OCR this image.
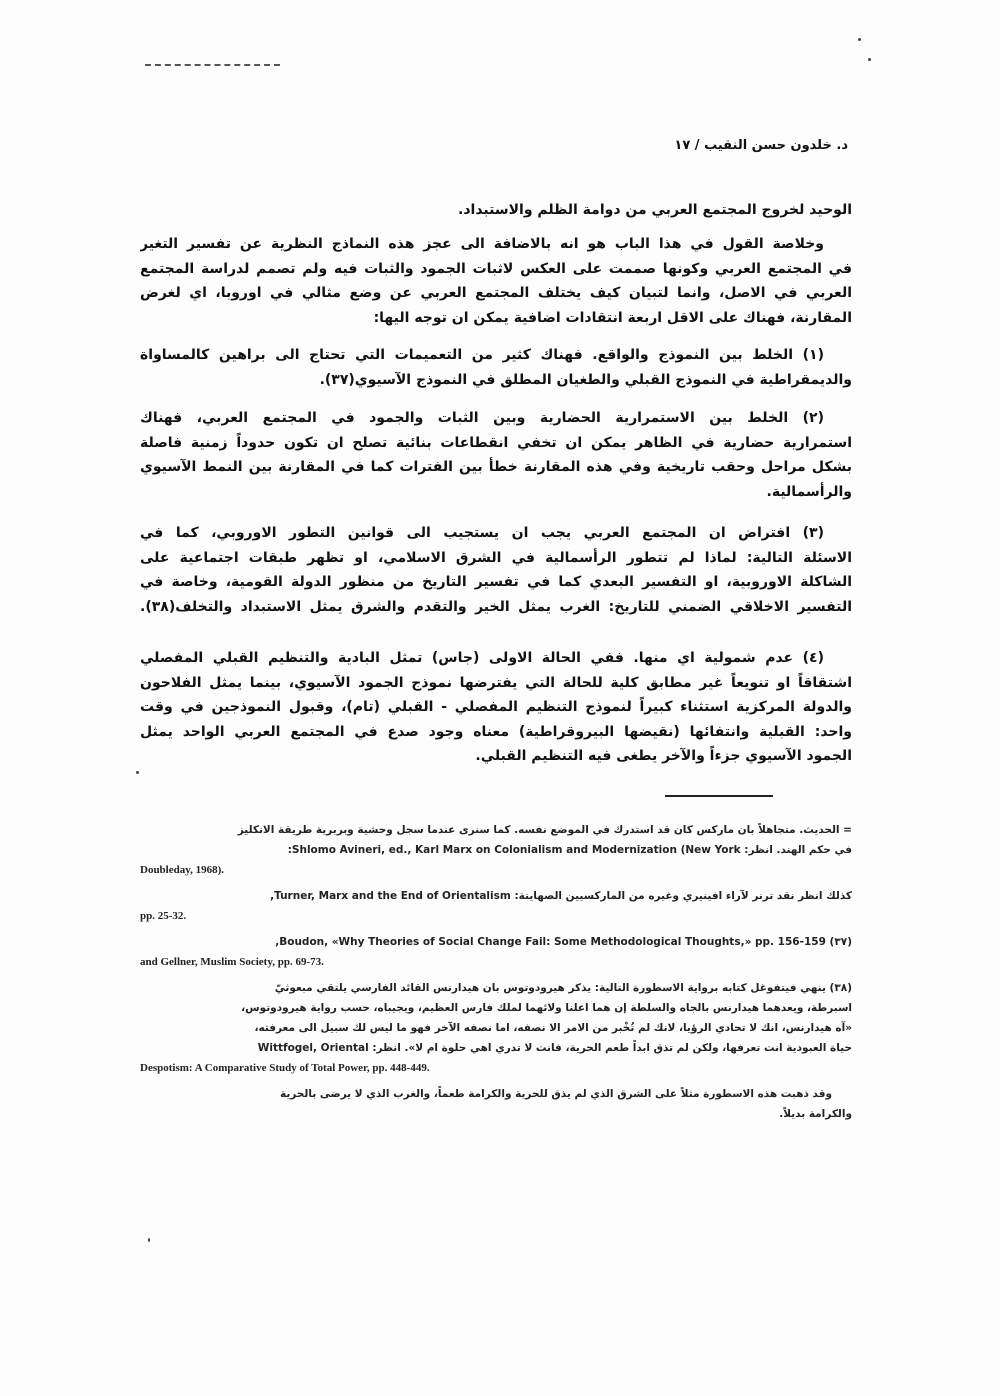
د. خلدون حسن النقيب / ١٧
الوحيد لخروج المجتمع العربي من دوامة الظلم والاستبداد.
وخلاصة القول في هذا الباب هو انه بالاضافة الى عجز هذه النماذج النظرية عن تفسير التغير
في المجتمع العربي وكونها صممت على العكس لاثبات الجمود والثبات فيه ولم تصمم لدراسة المجتمع
العربي في الاصل، وانما لتبيان كيف يختلف المجتمع العربي عن وضع مثالي في اوروبا، اي لغرض
المقارنة، فهناك على الاقل اربعة انتقادات اضافية يمكن ان توجه اليها:
(١) الخلط بين النموذج والواقع. فهناك كثير من التعميمات التي تحتاج الى براهين كالمساواة
والديمقراطية في النموذج القبلي والطغيان المطلق في النموذج الآسيوي(٣٧).
(٢) الخلط بين الاستمرارية الحضارية وبين الثبات والجمود في المجتمع العربي، فهناك
استمرارية حضارية في الظاهر يمكن ان تخفي انقطاعات بنائية تصلح ان تكون حدوداً زمنية فاصلة
بشكل مراحل وحقب تاريخية وفي هذه المقارنة خطأ بين الفترات كما في المقارنة بين النمط الآسيوي
والرأسمالية.
(٣) افتراض ان المجتمع العربي يجب ان يستجيب الى قوانين التطور الاوروبي، كما في
الاسئلة التالية: لماذا لم تتطور الرأسمالية في الشرق الاسلامي، او تظهر طبقات اجتماعية على
الشاكلة الاوروبية، او التفسير البعدي كما في تفسير التاريخ من منظور الدولة القومية، وخاصة في
التفسير الاخلاقي الضمني للتاريخ: الغرب يمثل الخير والتقدم والشرق يمثل الاستبداد والتخلف(٣٨).
(٤) عدم شمولية اي منها. ففي الحالة الاولى (جاس) تمثل البادية والتنظيم القبلي المفصلي
اشتقاقاً او تنويعاً غير مطابق كلية للحالة التي يفترضها نموذج الجمود الآسيوي، بينما يمثل الفلاحون
والدولة المركزية استثناء كبيراً لنموذج التنظيم المفصلي - القبلي (تام)، وقبول النموذجين في وقت
واحد: القبلية وانتفائها (نقيضها البيروقراطية) معناه وجود صدع في المجتمع العربي الواحد يمثل
الجمود الآسيوي جزءاً والآخر يطغى فيه التنظيم القبلي.
= الحديث. متجاهلاً بان ماركس كان قد استدرك في الموضع نفسه. كما سنرى عندما سجل وحشية وبربرية طريقة الانكليز
في حكم الهند. انظر: Shlomo Avineri, ed., Karl Marx on Colonialism and Modernization (New York:
Doubleday, 1968).
كذلك انظر نقد ترنر لآراء افينيري وغيره من الماركسيين الصهاينة: Turner, Marx and the End of Orientalism,
pp. 25-32.
(٣٧) Boudon, «Why Theories of Social Change Fail: Some Methodological Thoughts,» pp. 156-159,
and Gellner, Muslim Society, pp. 69-73.
(٣٨) ينهي فيتفوغل كتابه برواية الاسطورة التالية: يذكر هيرودوتوس بان هيدارنس القائد الفارسي يلتقي مبعوثيّ
اسبرطة، ويعدهما هيدارنس بالجاه والسلطة إن هما اعلنا ولائهما لملك فارس العظيم، ويجيباه، حسب رواية هيرودوتوس،
«آه هيدارنس، انك لا تحادي الرؤيا، لانك لم تُخْبر من الامر الا نصفه، اما نصفه الآخر فهو ما ليس لك سبيل الى معرفته،
حياة العبودية انت تعرفها، ولكن لم تذق ابداً طعم الحرية، فانت لا تدري اهي حلوة ام لا». انظر: Wittfogel, Oriental
Despotism: A Comparative Study of Total Power, pp. 448-449.
وقد ذهبت هذه الاسطورة مثلاً على الشرق الذي لم يذق للحرية والكرامة طعماً، والغرب الذي لا يرضى بالحرية
والكرامة بديلاً.
